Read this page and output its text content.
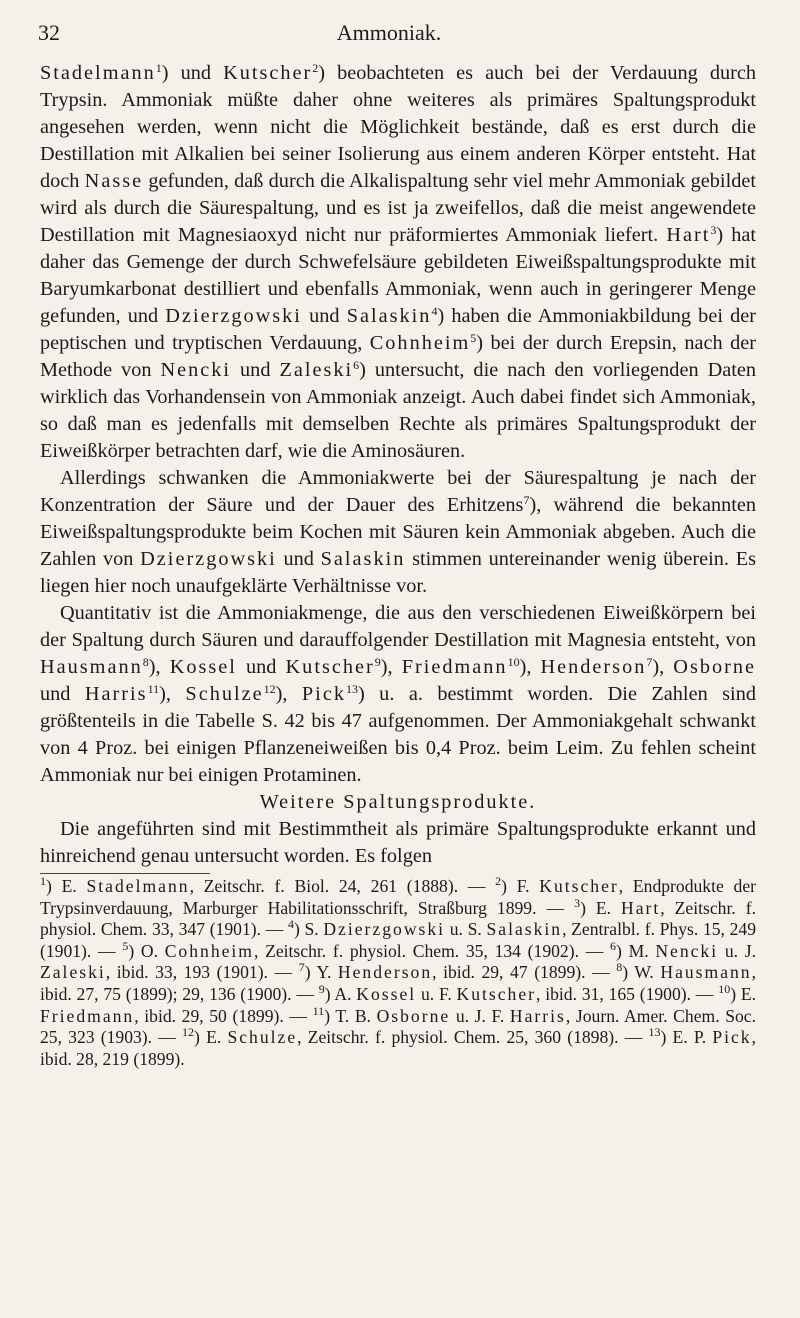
32	Ammoniak.

Stadelmann$^1$) und Kutscher$^2$) beobachteten es auch bei der Verdauung durch Trypsin. Ammoniak müßte daher ohne weiteres als primäres Spaltungsprodukt angesehen werden, wenn nicht die Möglichkeit bestände, daß es erst durch die Destillation mit Alkalien bei seiner Isolierung aus einem anderen Körper entsteht. Hat doch Nasse gefunden, daß durch die Alkalispaltung sehr viel mehr Ammoniak gebildet wird als durch die Säurespaltung, und es ist ja zweifellos, daß die meist angewendete Destillation mit Magnesiaoxyd nicht nur präformiertes Ammoniak liefert. Hart$^3$) hat daher das Gemenge der durch Schwefelsäure gebildeten Eiweißspaltungsprodukte mit Baryumkarbonat destilliert und ebenfalls Ammoniak, wenn auch in geringerer Menge gefunden, und Dzierzgowski und Salaskin$^4$) haben die Ammoniakbildung bei der peptischen und tryptischen Verdauung, Cohnheim$^5$) bei der durch Erepsin, nach der Methode von Nencki und Zaleski$^6$) untersucht, die nach den vorliegenden Daten wirklich das Vorhandensein von Ammoniak anzeigt. Auch dabei findet sich Ammoniak, so daß man es jedenfalls mit demselben Rechte als primäres Spaltungsprodukt der Eiweißkörper betrachten darf, wie die Aminosäuren.

Allerdings schwanken die Ammoniakwerte bei der Säurespaltung je nach der Konzentration der Säure und der Dauer des Erhitzens$^7$), während die bekannten Eiweißspaltungsprodukte beim Kochen mit Säuren kein Ammoniak abgeben. Auch die Zahlen von Dzierzgowski und Salaskin stimmen untereinander wenig überein. Es liegen hier noch unaufgeklärte Verhältnisse vor.

Quantitativ ist die Ammoniakmenge, die aus den verschiedenen Eiweißkörpern bei der Spaltung durch Säuren und darauffolgender Destillation mit Magnesia entsteht, von Hausmann$^8$), Kossel und Kutscher$^9$), Friedmann$^{10}$), Henderson$^7$), Osborne und Harris$^{11}$), Schulze$^{12}$), Pick$^{13}$) u. a. bestimmt worden. Die Zahlen sind größtenteils in die Tabelle S. 42 bis 47 aufgenommen. Der Ammoniakgehalt schwankt von 4 Proz. bei einigen Pflanzeneiweißen bis 0,4 Proz. beim Leim. Zu fehlen scheint Ammoniak nur bei einigen Protaminen.

Weitere Spaltungsprodukte.

Die angeführten sind mit Bestimmtheit als primäre Spaltungsprodukte erkannt und hinreichend genau untersucht worden. Es folgen

$^1$) E. Stadelmann, Zeitschr. f. Biol. 24, 261 (1888). — $^2$) F. Kutscher, Endprodukte der Trypsinverdauung, Marburger Habilitationsschrift, Straßburg 1899. — $^3$) E. Hart, Zeitschr. f. physiol. Chem. 33, 347 (1901). — $^4$) S. Dzierzgowski u. S. Salaskin, Zentralbl. f. Phys. 15, 249 (1901). — $^5$) O. Cohnheim, Zeitschr. f. physiol. Chem. 35, 134 (1902). — $^6$) M. Nencki u. J. Zaleski, ibid. 33, 193 (1901). — $^7$) Y. Henderson, ibid. 29, 47 (1899). — $^8$) W. Hausmann, ibid. 27, 75 (1899); 29, 136 (1900). — $^9$) A. Kossel u. F. Kutscher, ibid. 31, 165 (1900). — $^{10}$) E. Friedmann, ibid. 29, 50 (1899). — $^{11}$) T. B. Osborne u. J. F. Harris, Journ. Amer. Chem. Soc. 25, 323 (1903). — $^{12}$) E. Schulze, Zeitschr. f. physiol. Chem. 25, 360 (1898). — $^{13}$) E. P. Pick, ibid. 28, 219 (1899).
